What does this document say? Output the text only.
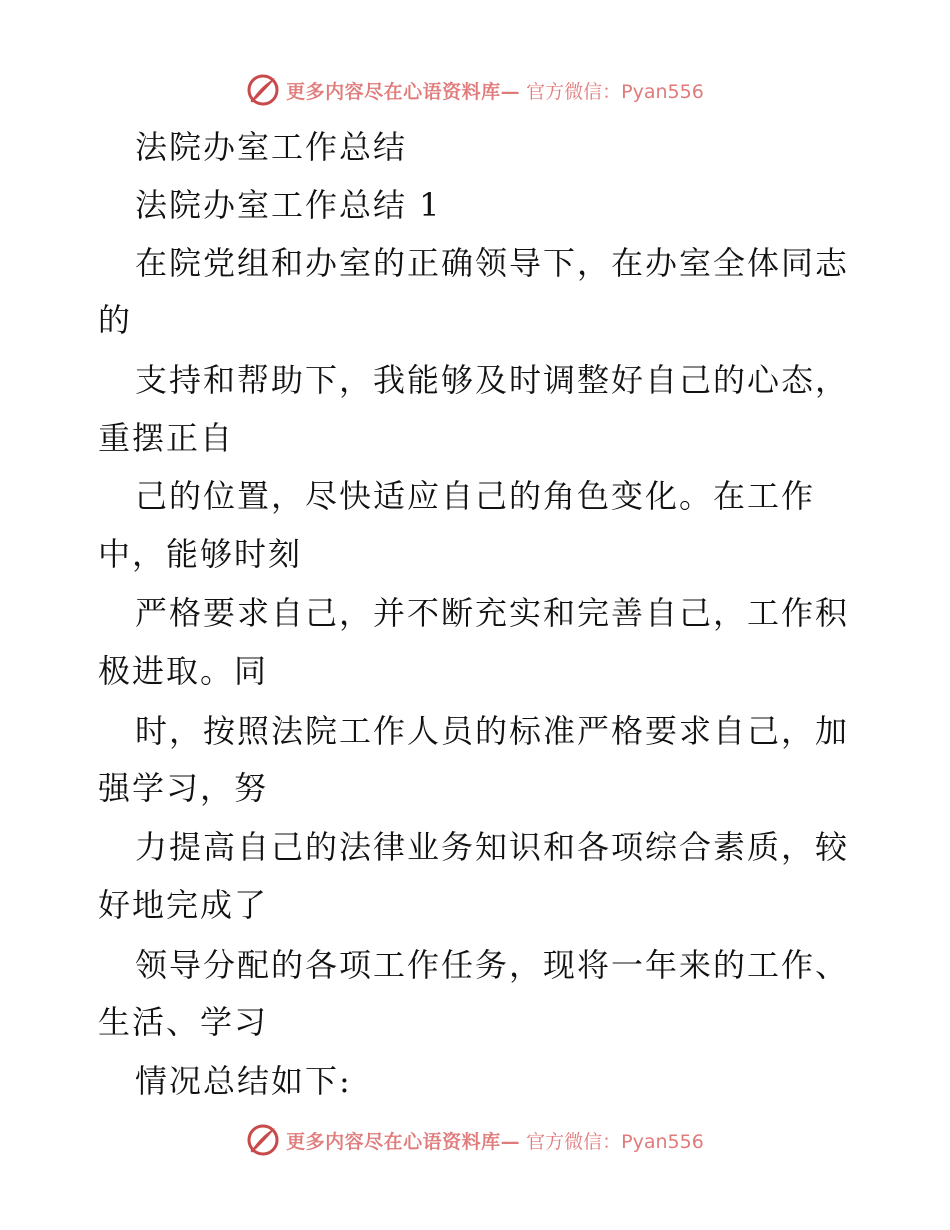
更多内容尽在心语资料库— 官方微信：Pyan556
法院办室工作总结
法院办室工作总结 1
在院党组和办室的正确领导下，在办室全体同志
的
支持和帮助下，我能够及时调整好自己的心态，
重摆正自
己的位置，尽快适应自己的角色变化。在工作
中，能够时刻
严格要求自己，并不断充实和完善自己，工作积
极进取。同
时，按照法院工作人员的标准严格要求自己，加
强学习，努
力提高自己的法律业务知识和各项综合素质，较
好地完成了
领导分配的各项工作任务，现将一年来的工作、
生活、学习
情况总结如下:
更多内容尽在心语资料库— 官方微信：Pyan556
